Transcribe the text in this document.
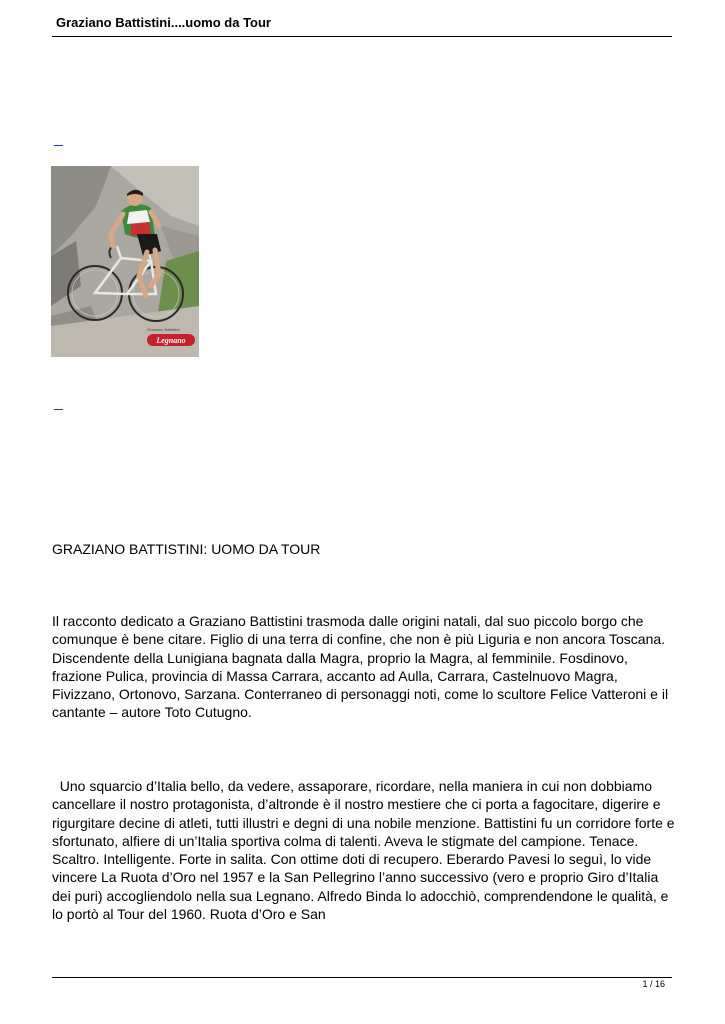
Graziano Battistini....uomo da Tour
Graziano Battistini
Legnano
GRAZIANO BATTISTINI: UOMO DA TOUR

Il racconto dedicato a Graziano Battistini trasmoda dalle origini natali, dal suo piccolo borgo che comunque è bene citare. Figlio di una terra di confine, che non è più Liguria e non ancora Toscana. Discendente della Lunigiana bagnata dalla Magra, proprio la Magra, al femminile. Fosdinovo, frazione Pulica, provincia di Massa Carrara, accanto ad Aulla, Carrara, Castelnuovo Magra, Fivizzano, Ortonovo, Sarzana. Conterraneo di personaggi noti, come lo scultore Felice Vatteroni e il cantante – autore Toto Cutugno.

Uno squarcio d’Italia bello, da vedere, assaporare, ricordare, nella maniera in cui non dobbiamo cancellare il nostro protagonista, d’altronde è il nostro mestiere che ci porta a fagocitare, digerire e rigurgitare decine di atleti, tutti illustri e degni di una nobile menzione. Battistini fu un corridore forte e sfortunato, alfiere di un’Italia sportiva colma di talenti. Aveva le stigmate del campione. Tenace. Scaltro. Intelligente. Forte in salita. Con ottime doti di recupero. Eberardo Pavesi lo seguì, lo vide vincere La Ruota d’Oro nel 1957 e la San Pellegrino l’anno successivo (vero e proprio Giro d’Italia dei puri) accogliendolo nella sua Legnano. Alfredo Binda lo adocchiò, comprendendone le qualità, e lo portò al Tour del 1960. Ruota d’Oro e San

1 / 16
